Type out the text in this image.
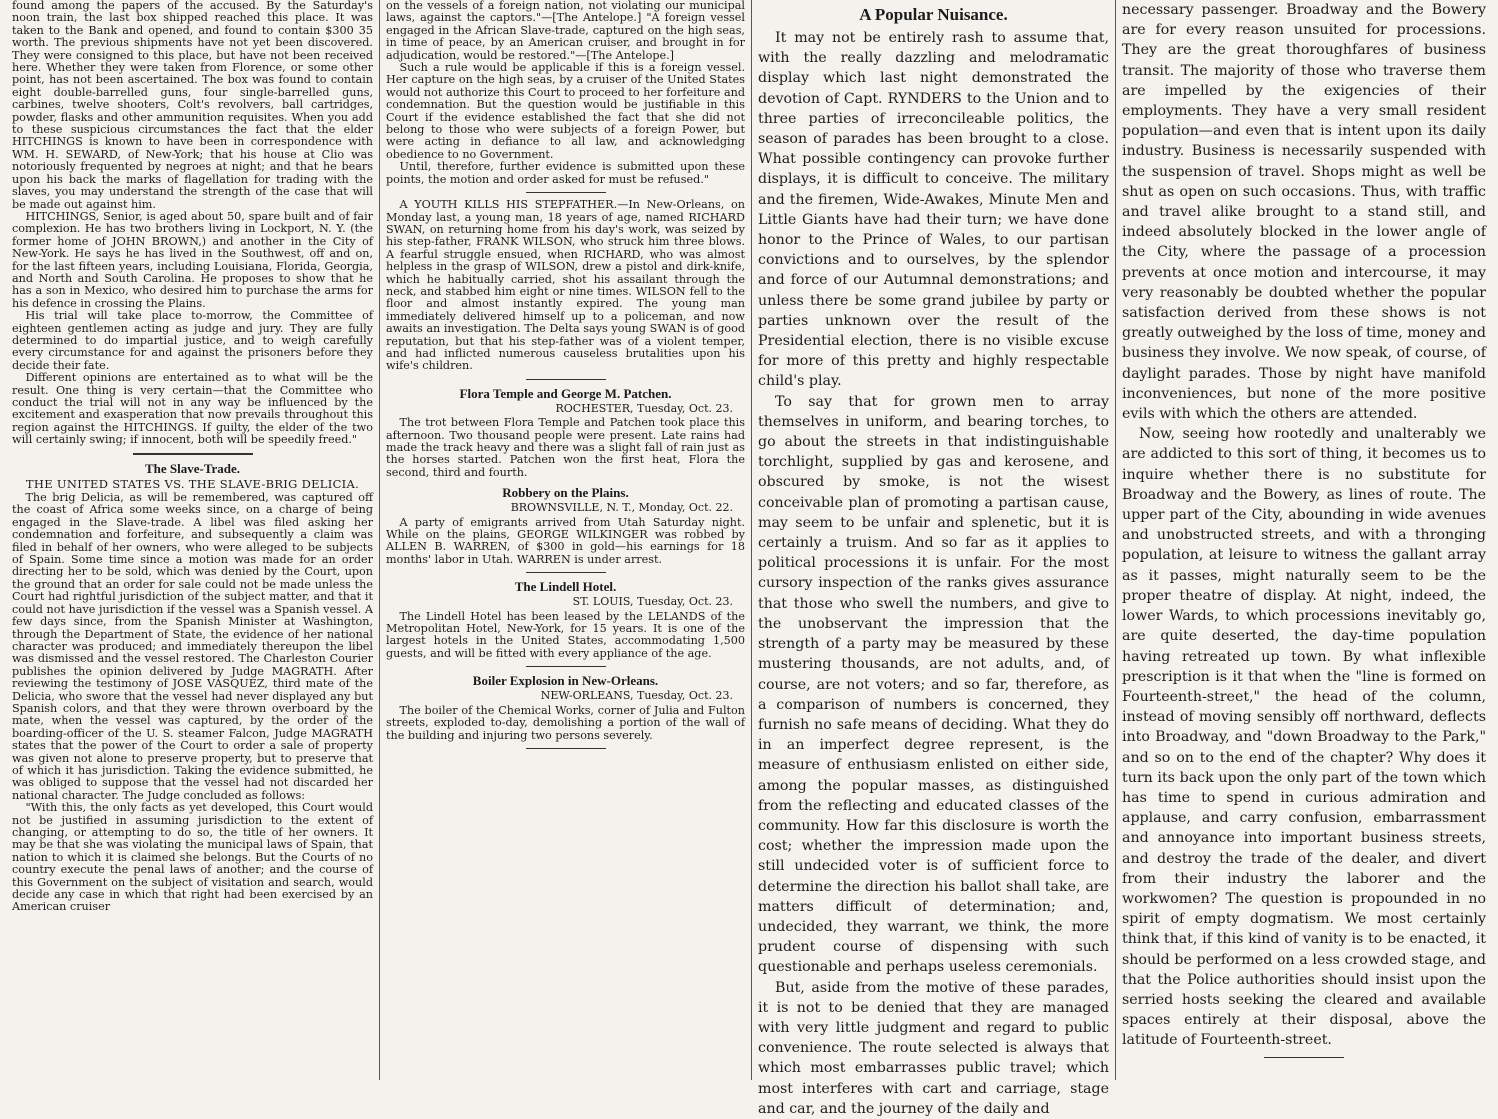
found among the papers of the accused. By the Saturday's noon train, the last box shipped reached this place. It was taken to the Bank and opened, and found to contain $300 35 worth. The previous shipments have not yet been discovered. They were consigned to this place, but have not been received here. Whether they were taken from Florence, or some other point, has not been ascertained. The box was found to contain eight double-barrelled guns, four single-barrelled guns, carbines, twelve shooters, Colt's revolvers, ball cartridges, powder, flasks and other ammunition requisites. When you add to these suspicious circumstances the fact that the elder HITCHINGS is known to have been in correspondence with WM. H. SEWARD, of New-York; that his house at Clio was notoriously frequented by negroes at night; and that he bears upon his back the marks of flagellation for trading with the slaves, you may understand the strength of the case that will be made out against him.

HITCHINGS, Senior, is aged about 50, spare built and of fair complexion. He has two brothers living in Lockport, N. Y. (the former home of JOHN BROWN,) and another in the City of New-York. He says he has lived in the Southwest, off and on, for the last fifteen years, including Louisiana, Florida, Georgia, and North and South Carolina. He proposes to show that he has a son in Mexico, who desired him to purchase the arms for his defence in crossing the Plains.

His trial will take place to-morrow, the Committee of eighteen gentlemen acting as judge and jury. They are fully determined to do impartial justice, and to weigh carefully every circumstance for and against the prisoners before they decide their fate.

Different opinions are entertained as to what will be the result. One thing is very certain—that the Committee who conduct the trial will not in any way be influenced by the excitement and exasperation that now prevails throughout this region against the HITCHINGS. If guilty, the elder of the two will certainly swing; if innocent, both will be speedily freed."

The Slave-Trade.
THE UNITED STATES VS. THE SLAVE-BRIG DELICIA.

The brig Delicia, as will be remembered, was captured off the coast of Africa some weeks since, on a charge of being engaged in the Slave-trade. A libel was filed asking her condemnation and forfeiture, and subsequently a claim was filed in behalf of her owners, who were alleged to be subjects of Spain. Some time since a motion was made for an order directing her to be sold, which was denied by the Court, upon the ground that an order for sale could not be made unless the Court had rightful jurisdiction of the subject matter, and that it could not have jurisdiction if the vessel was a Spanish vessel. A few days since, from the Spanish Minister at Washington, through the Department of State, the evidence of her national character was produced; and immediately thereupon the libel was dismissed and the vessel restored. The Charleston Courier publishes the opinion delivered by Judge MAGRATH. After reviewing the testimony of JOSE VASQUEZ, third mate of the Delicia, who swore that the vessel had never displayed any but Spanish colors, and that they were thrown overboard by the mate, when the vessel was captured, by the order of the boarding-officer of the U. S. steamer Falcon, Judge MAGRATH states that the power of the Court to order a sale of property was given not alone to preserve property, but to preserve that of which it has jurisdiction. Taking the evidence submitted, he was obliged to suppose that the vessel had not discarded her national character. The Judge concluded as follows:

"With this, the only facts as yet developed, this Court would not be justified in assuming jurisdiction to the extent of changing, or attempting to do so, the title of her owners. It may be that she was violating the municipal laws of Spain, that nation to which it is claimed she belongs. But the Courts of no country execute the penal laws of another; and the course of this Government on the subject of visitation and search, would decide any case in which that right had been exercised by an American cruiser

on the vessels of a foreign nation, not violating our municipal laws, against the captors."—[The Antelope.] "A foreign vessel engaged in the African Slave-trade, captured on the high seas, in time of peace, by an American cruiser, and brought in for adjudication, would be restored."—[The Antelope.]

Such a rule would be applicable if this is a foreign vessel. Her capture on the high seas, by a cruiser of the United States would not authorize this Court to proceed to her forfeiture and condemnation. But the question would be justifiable in this Court if the evidence established the fact that she did not belong to those who were subjects of a foreign Power, but were acting in defiance to all law, and acknowledging obedience to no Government.

Until, therefore, further evidence is submitted upon these points, the motion and order asked for must be refused."

A YOUTH KILLS HIS STEPFATHER.—In New-Orleans, on Monday last, a young man, 18 years of age, named RICHARD SWAN, on returning home from his day's work, was seized by his step-father, FRANK WILSON, who struck him three blows. A fearful struggle ensued, when RICHARD, who was almost helpless in the grasp of WILSON, drew a pistol and dirk-knife, which he habitually carried, shot his assailant through the neck, and stabbed him eight or nine times. WILSON fell to the floor and almost instantly expired. The young man immediately delivered himself up to a policeman, and now awaits an investigation. The Delta says young SWAN is of good reputation, but that his step-father was of a violent temper, and had inflicted numerous causeless brutalities upon his wife's children.

Flora Temple and George M. Patchen.
ROCHESTER, Tuesday, Oct. 23.

The trot between Flora Temple and Patchen took place this afternoon. Two thousand people were present. Late rains had made the track heavy and there was a slight fall of rain just as the horses started. Patchen won the first heat, Flora the second, third and fourth.

Robbery on the Plains.
BROWNSVILLE, N. T., Monday, Oct. 22.

A party of emigrants arrived from Utah Saturday night. While on the plains, GEORGE WILKINGER was robbed by ALLEN B. WARREN, of $300 in gold—his earnings for 18 months' labor in Utah. WARREN is under arrest.

The Lindell Hotel.
ST. LOUIS, Tuesday, Oct. 23.

The Lindell Hotel has been leased by the LELANDS of the Metropolitan Hotel, New-York, for 15 years. It is one of the largest hotels in the United States, accommodating 1,500 guests, and will be fitted with every appliance of the age.

Boiler Explosion in New-Orleans.
NEW-ORLEANS, Tuesday, Oct. 23.

The boiler of the Chemical Works, corner of Julia and Fulton streets, exploded to-day, demolishing a portion of the wall of the building and injuring two persons severely.

A Popular Nuisance.

It may not be entirely rash to assume that, with the really dazzling and melodramatic display which last night demonstrated the devotion of Capt. RYNDERS to the Union and to three parties of irreconcileable politics, the season of parades has been brought to a close. What possible contingency can provoke further displays, it is difficult to conceive. The military and the firemen, Wide-Awakes, Minute Men and Little Giants have had their turn; we have done honor to the Prince of Wales, to our partisan convictions and to ourselves, by the splendor and force of our Autumnal demonstrations; and unless there be some grand jubilee by party or parties unknown over the result of the Presidential election, there is no visible excuse for more of this pretty and highly respectable child's play.

To say that for grown men to array themselves in uniform, and bearing torches, to go about the streets in that indistinguishable torchlight, supplied by gas and kerosene, and obscured by smoke, is not the wisest conceivable plan of promoting a partisan cause, may seem to be unfair and splenetic, but it is certainly a truism. And so far as it applies to political processions it is unfair. For the most cursory inspection of the ranks gives assurance that those who swell the numbers, and give to the unobservant the impression that the strength of a party may be measured by these mustering thousands, are not adults, and, of course, are not voters; and so far, therefore, as a comparison of numbers is concerned, they furnish no safe means of deciding. What they do in an imperfect degree represent, is the measure of enthusiasm enlisted on either side, among the popular masses, as distinguished from the reflecting and educated classes of the community. How far this disclosure is worth the cost; whether the impression made upon the still undecided voter is of sufficient force to determine the direction his ballot shall take, are matters difficult of determination; and, undecided, they warrant, we think, the more prudent course of dispensing with such questionable and perhaps useless ceremonials.

But, aside from the motive of these parades, it is not to be denied that they are managed with very little judgment and regard to public convenience. The route selected is always that which most embarrasses public travel; which most interferes with cart and carriage, stage and car, and the journey of the daily and

necessary passenger. Broadway and the Bowery are for every reason unsuited for processions. They are the great thoroughfares of business transit. The majority of those who traverse them are impelled by the exigencies of their employments. They have a very small resident population—and even that is intent upon its daily industry. Business is necessarily suspended with the suspension of travel. Shops might as well be shut as open on such occasions. Thus, with traffic and travel alike brought to a stand still, and indeed absolutely blocked in the lower angle of the City, where the passage of a procession prevents at once motion and intercourse, it may very reasonably be doubted whether the popular satisfaction derived from these shows is not greatly outweighed by the loss of time, money and business they involve. We now speak, of course, of daylight parades. Those by night have manifold inconveniences, but none of the more positive evils with which the others are attended.

Now, seeing how rootedly and unalterably we are addicted to this sort of thing, it becomes us to inquire whether there is no substitute for Broadway and the Bowery, as lines of route. The upper part of the City, abounding in wide avenues and unobstructed streets, and with a thronging population, at leisure to witness the gallant array as it passes, might naturally seem to be the proper theatre of display. At night, indeed, the lower Wards, to which processions inevitably go, are quite deserted, the day-time population having retreated up town. By what inflexible prescription is it that when the "line is formed on Fourteenth-street," the head of the column, instead of moving sensibly off northward, deflects into Broadway, and "down Broadway to the Park," and so on to the end of the chapter? Why does it turn its back upon the only part of the town which has time to spend in curious admiration and applause, and carry confusion, embarrassment and annoyance into important business streets, and destroy the trade of the dealer, and divert from their industry the laborer and the workwomen? The question is propounded in no spirit of empty dogmatism. We most certainly think that, if this kind of vanity is to be enacted, it should be performed on a less crowded stage, and that the Police authorities should insist upon the serried hosts seeking the cleared and available spaces entirely at their disposal, above the latitude of Fourteenth-street.
